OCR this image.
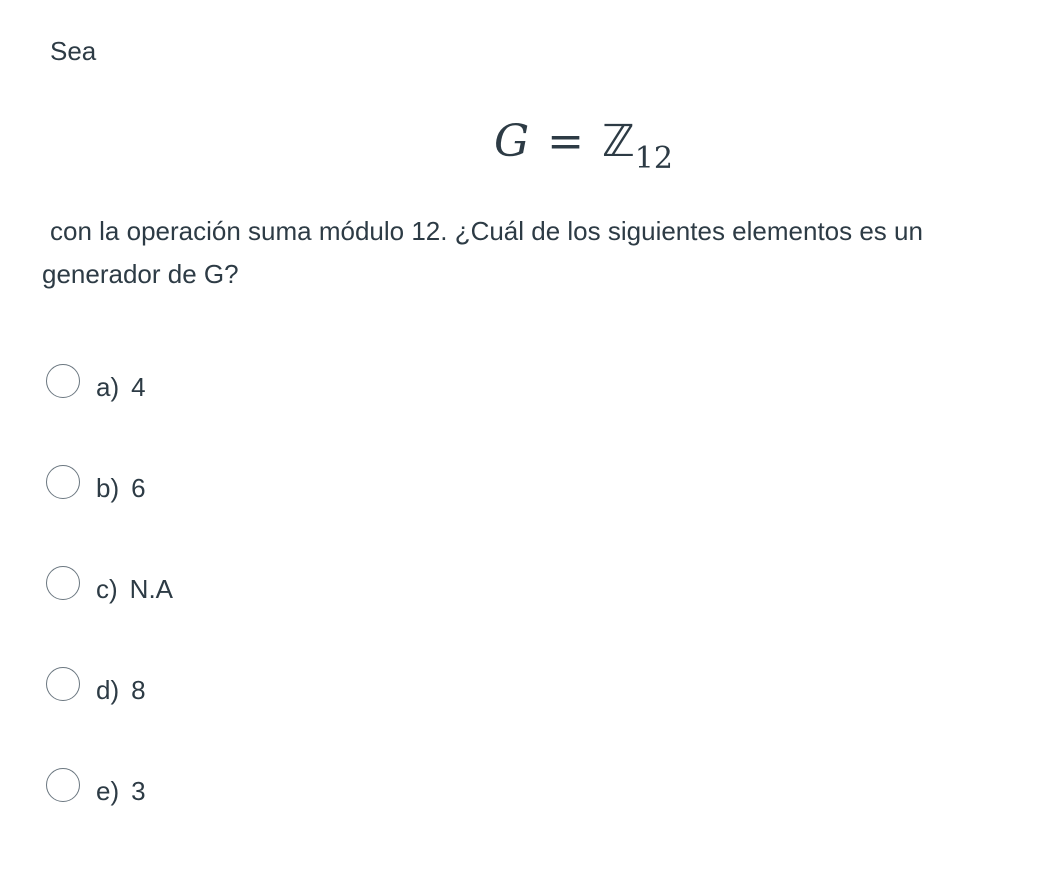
Sea
G = ℤ$_{12}$
con la operación suma módulo 12. ¿Cuál de los siguientes elementos es un generador de G?
a) 4
b) 6
c) N.A
d) 8
e) 3
